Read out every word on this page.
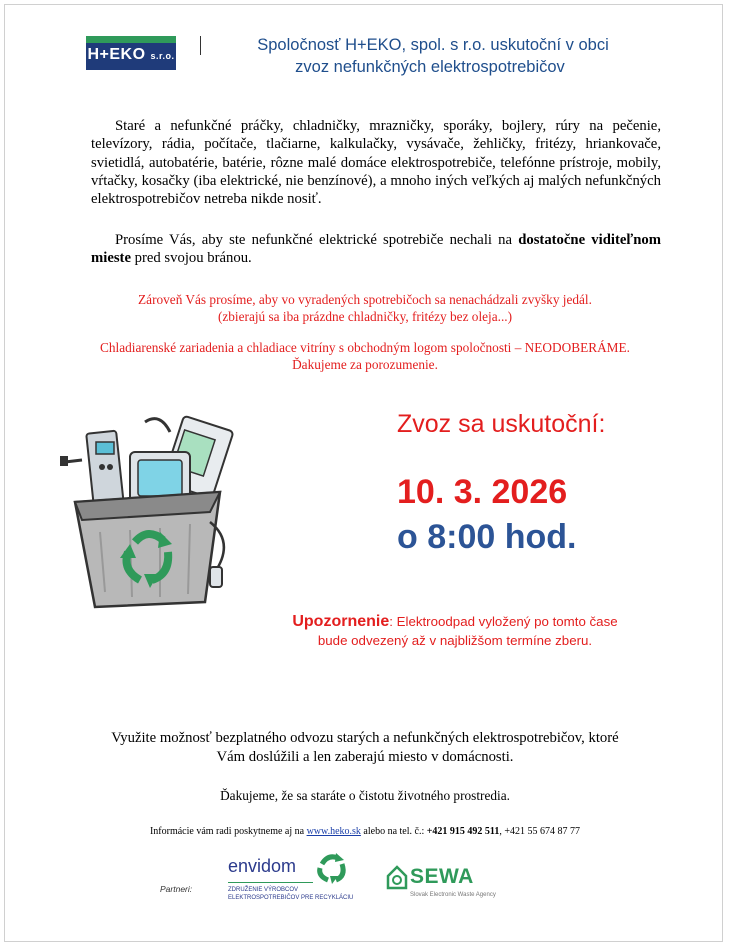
H+EKO s.r.o.
Spoločnosť H+EKO, spol. s r.o. uskutoční v obci
zvoz nefunkčných elektrospotrebičov
Staré a nefunkčné práčky, chladničky, mrazničky, sporáky, bojlery, rúry na pečenie, televízory, rádia, počítače, tlačiarne, kalkulačky, vysávače, žehličky, fritézy, hriankovače, svietidlá, autobatérie, batérie, rôzne malé domáce elektrospotrebiče, telefónne prístroje, mobily, vŕtačky, kosačky (iba elektrické, nie benzínové), a mnoho iných veľkých aj malých nefunkčných elektrospotrebičov netreba nikde nosiť.
Prosíme Vás, aby ste nefunkčné elektrické spotrebiče nechali na dostatočne viditeľnom mieste pred svojou bránou.
Zároveň Vás prosíme, aby vo vyradených spotrebičoch sa nenachádzali zvyšky jedál.
(zbierajú sa iba prázdne chladničky, fritézy bez oleja...)
Chladiarenské zariadenia a chladiace vitríny s obchodným logom spoločnosti – NEODOBERÁME.
Ďakujeme za porozumenie.
Zvoz sa uskutoční:
10. 3. 2026
o 8:00 hod.
Upozornenie: Elektroodpad vyložený po tomto čase
bude odvezený až v najbližšom termíne zberu.
Využite možnosť bezplatného odvozu starých a nefunkčných elektrospotrebičov, ktoré
Vám doslúžili a len zaberajú miesto v domácnosti.
Ďakujeme, že sa staráte o čistotu životného prostredia.
Informácie vám radi poskytneme aj na www.heko.sk alebo na tel. č.: +421 915 492 511, +421 55 674 87 77
Partneri:
envidom
ZDRUŽENIE VÝROBCOV ELEKTROSPOTREBIČOV PRE RECYKLÁCIU
SEWA
Slovak Electronic Waste Agency
